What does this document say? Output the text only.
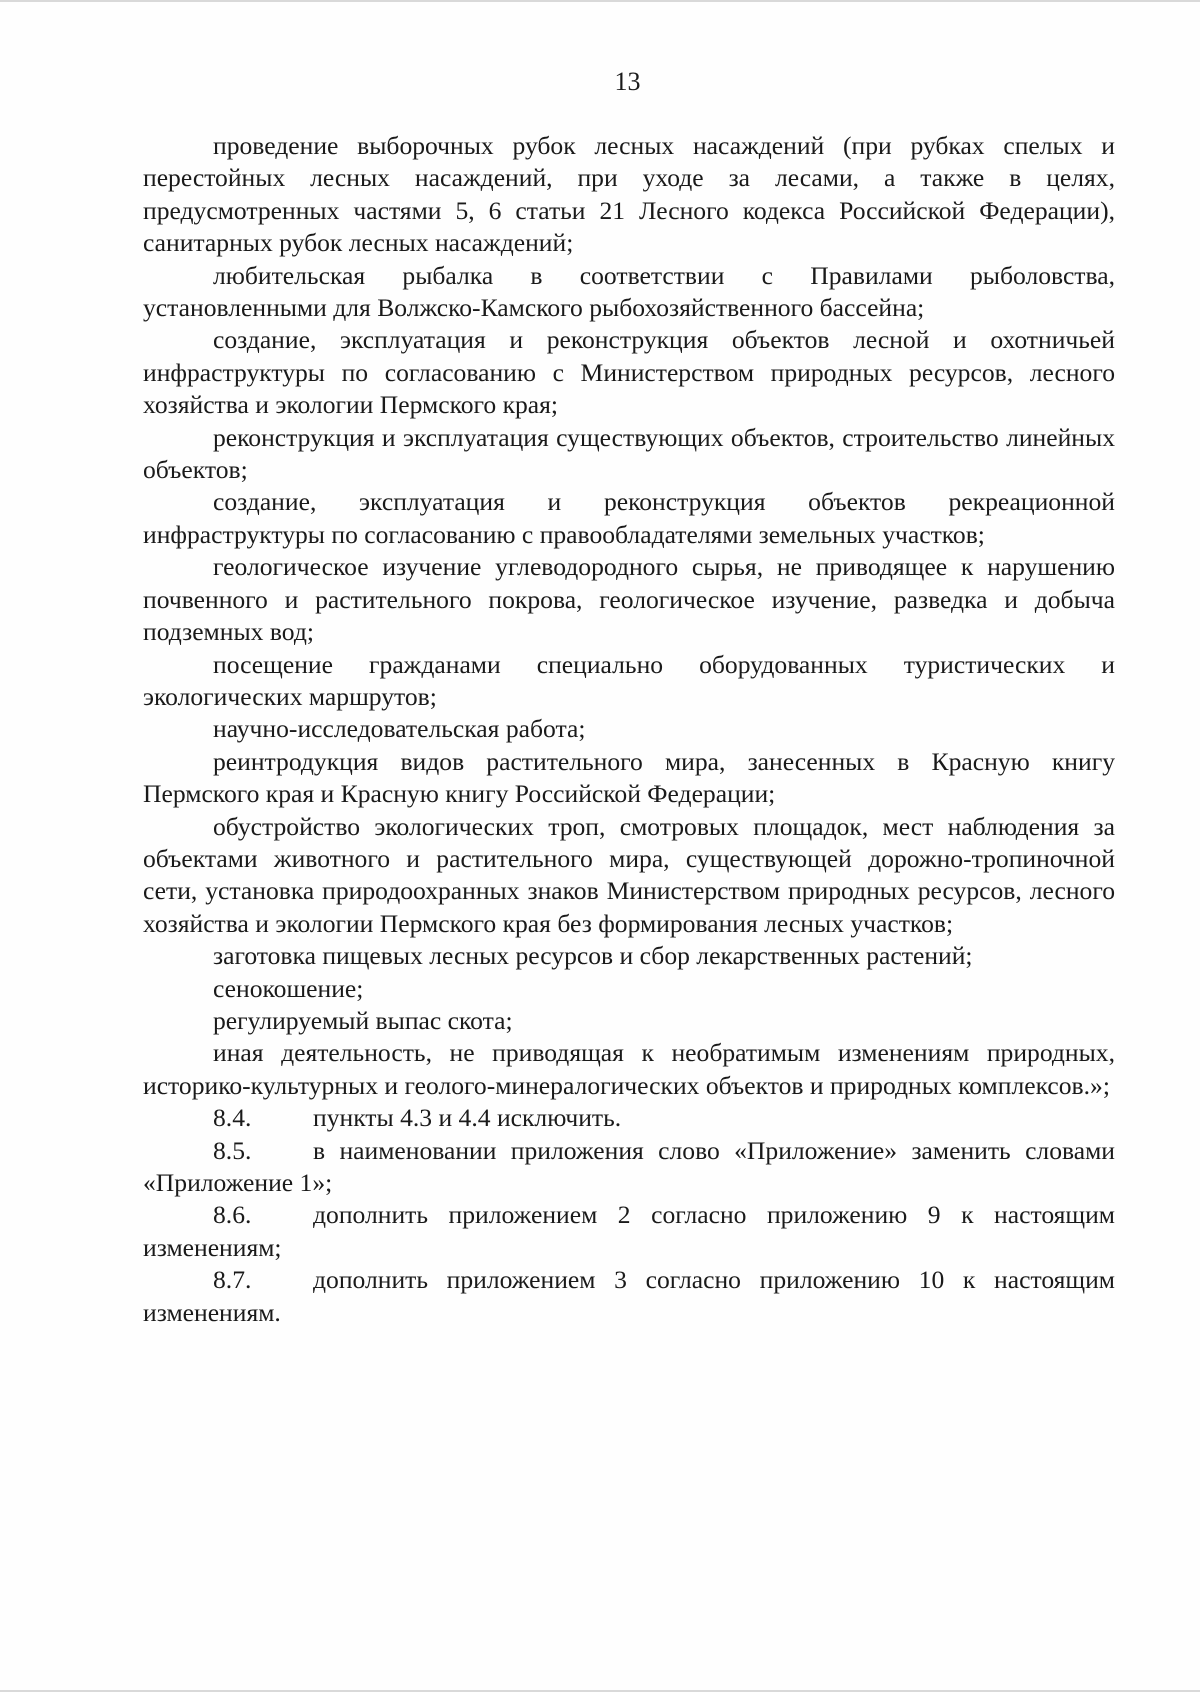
13

проведение выборочных рубок лесных насаждений (при рубках спелых и перестойных лесных насаждений, при уходе за лесами, а также в целях, предусмотренных частями 5, 6 статьи 21 Лесного кодекса Российской Федерации), санитарных рубок лесных насаждений;

любительская рыбалка в соответствии с Правилами рыболовства, установленными для Волжско-Камского рыбохозяйственного бассейна;

создание, эксплуатация и реконструкция объектов лесной и охотничьей инфраструктуры по согласованию с Министерством природных ресурсов, лесного хозяйства и экологии Пермского края;

реконструкция и эксплуатация существующих объектов, строительство линейных объектов;

создание, эксплуатация и реконструкция объектов рекреационной инфраструктуры по согласованию с правообладателями земельных участков;

геологическое изучение углеводородного сырья, не приводящее к нарушению почвенного и растительного покрова, геологическое изучение, разведка и добыча подземных вод;

посещение гражданами специально оборудованных туристических и экологических маршрутов;

научно-исследовательская работа;

реинтродукция видов растительного мира, занесенных в Красную книгу Пермского края и Красную книгу Российской Федерации;

обустройство экологических троп, смотровых площадок, мест наблюдения за объектами животного и растительного мира, существующей дорожно-тропиночной сети, установка природоохранных знаков Министерством природных ресурсов, лесного хозяйства и экологии Пермского края без формирования лесных участков;

заготовка пищевых лесных ресурсов и сбор лекарственных растений;

сенокошение;

регулируемый выпас скота;

иная деятельность, не приводящая к необратимым изменениям природных, историко-культурных и геолого-минералогических объектов и природных комплексов.»;

8.4. пункты 4.3 и 4.4 исключить.

8.5. в наименовании приложения слово «Приложение» заменить словами «Приложение 1»;

8.6. дополнить приложением 2 согласно приложению 9 к настоящим изменениям;

8.7. дополнить приложением 3 согласно приложению 10 к настоящим изменениям.
